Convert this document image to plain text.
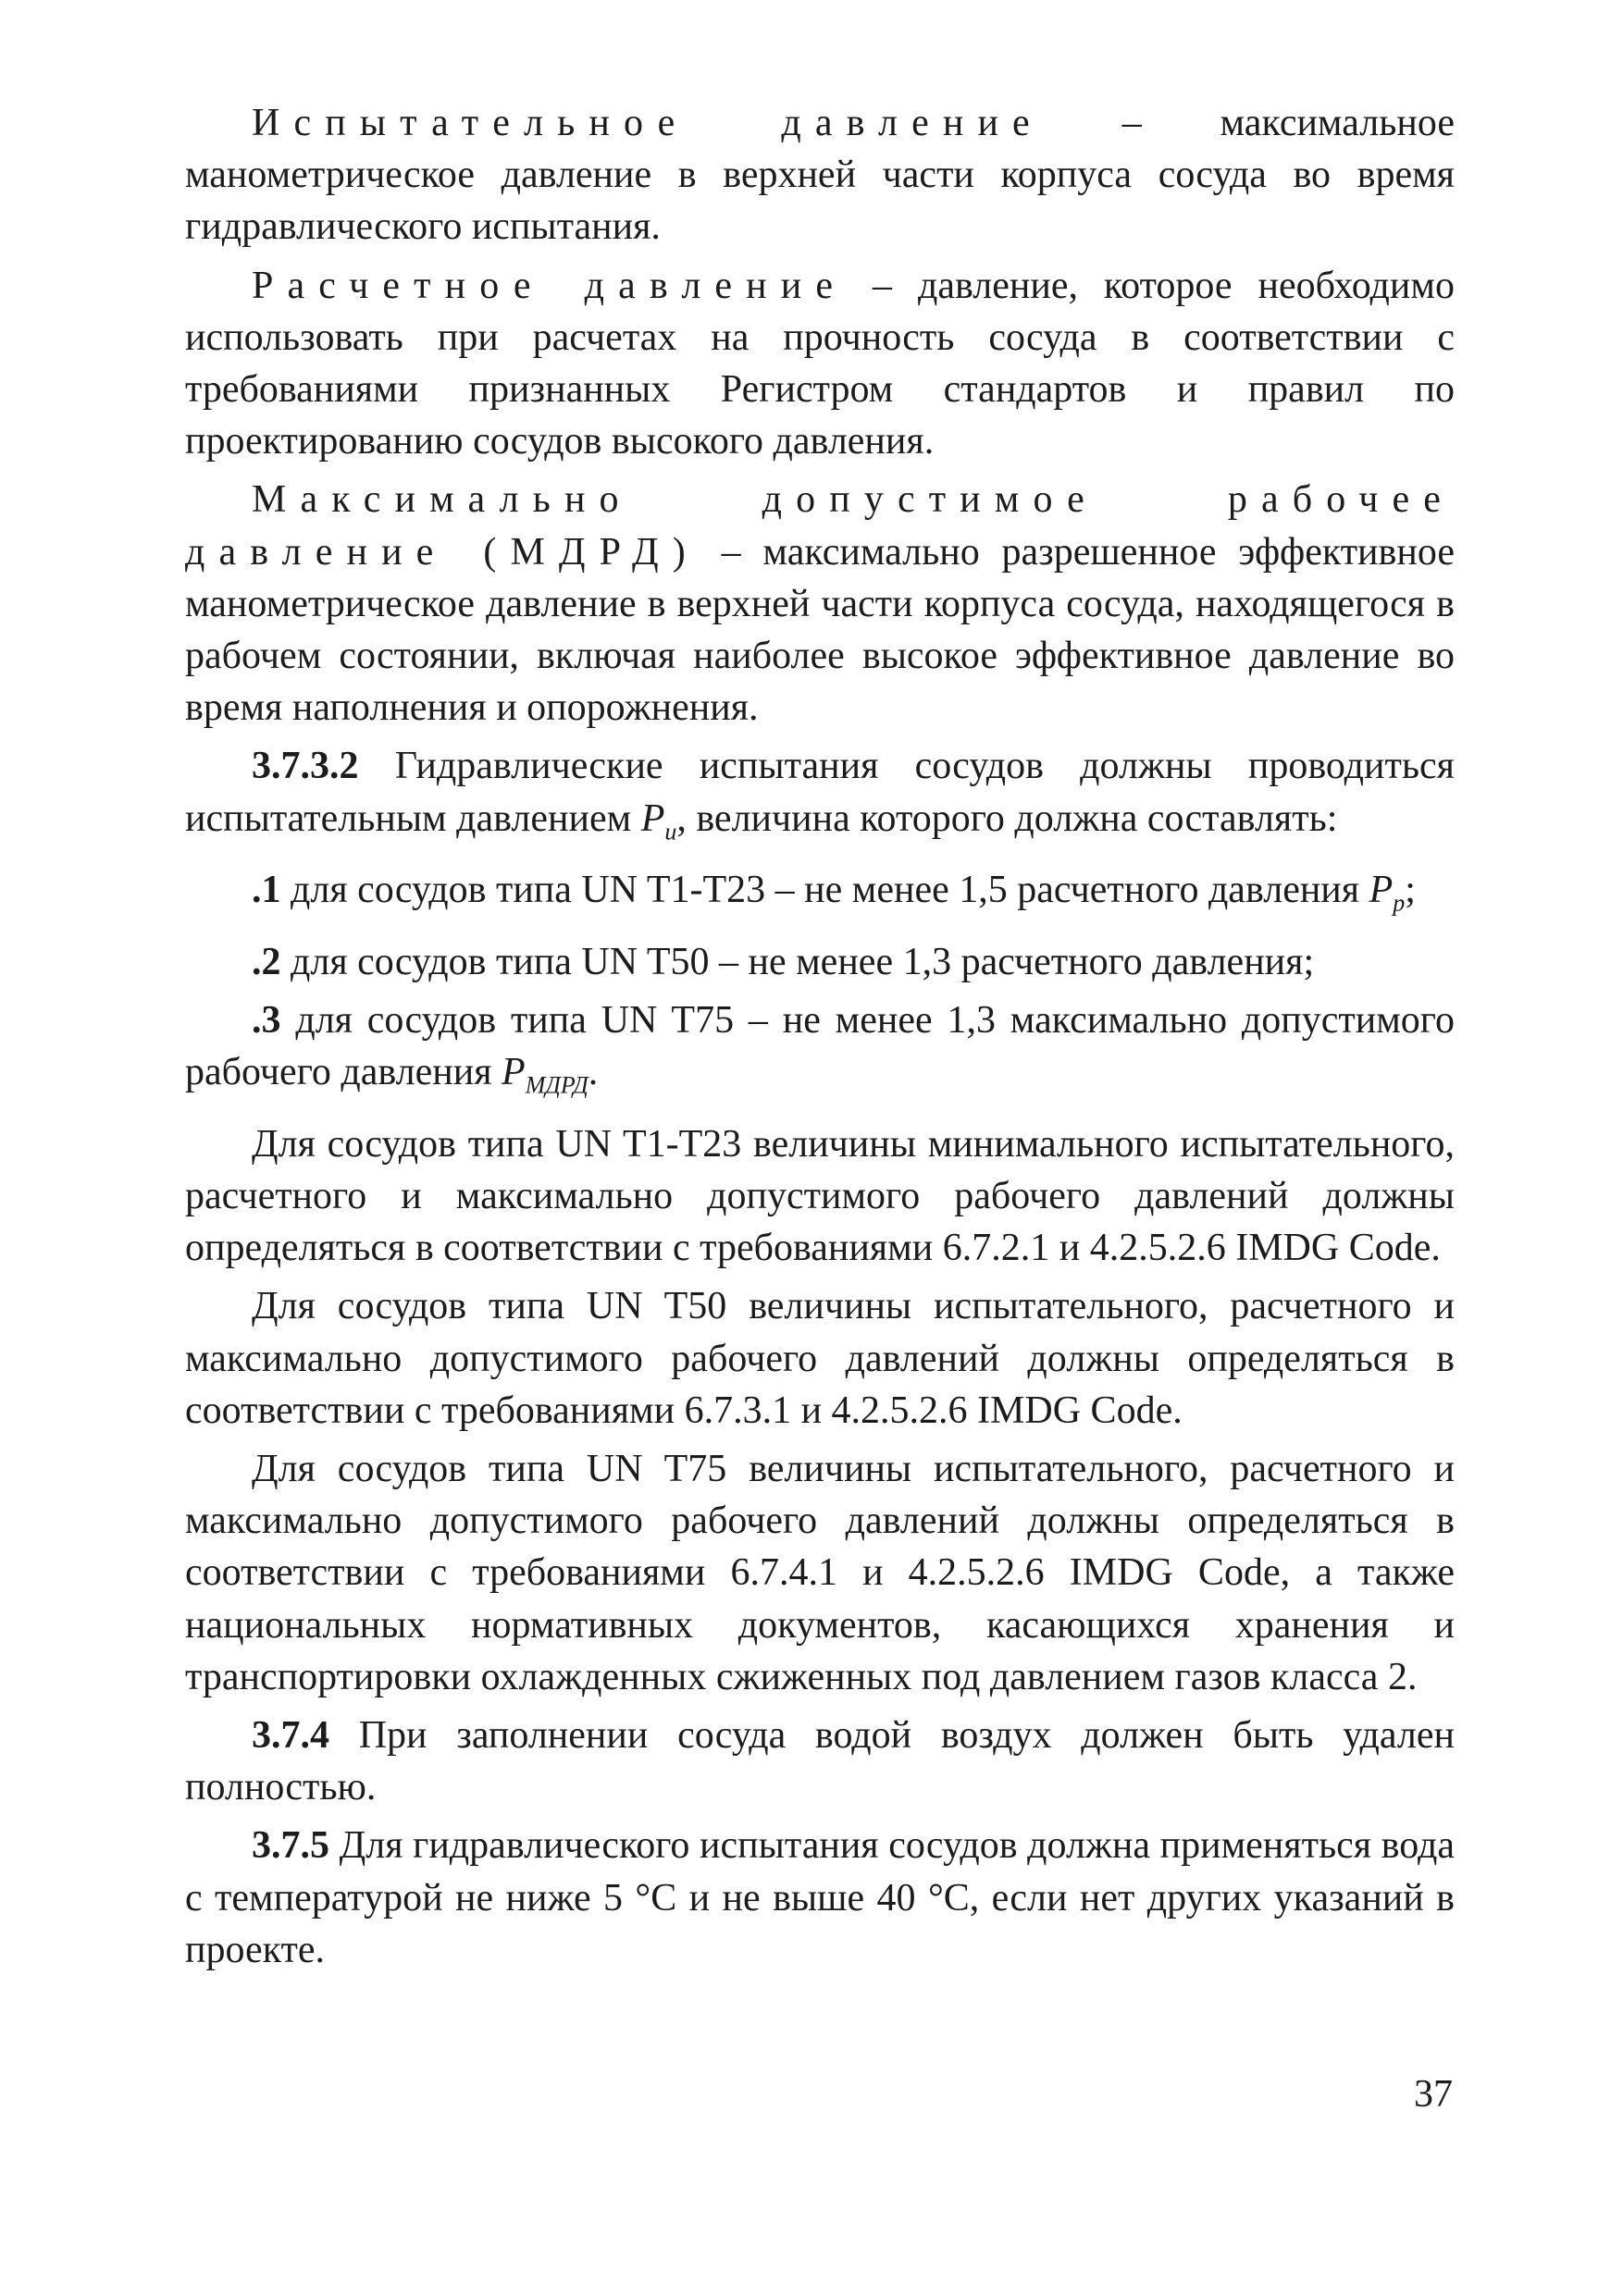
Испытательное давление – максимальное манометрическое давление в верхней части корпуса сосуда во время гидравлического испытания.

Расчетное давление – давление, которое необходимо использовать при расчетах на прочность сосуда в соответствии с требованиями признанных Регистром стандартов и правил по проектированию сосудов высокого давления.

Максимально допустимое рабочее давление (МДРД) – максимально разрешенное эффективное манометрическое давление в верхней части корпуса сосуда, находящегося в рабочем состоянии, включая наиболее высокое эффективное давление во время наполнения и опорожнения.

3.7.3.2 Гидравлические испытания сосудов должны проводиться испытательным давлением $P_и$, величина которого должна составлять:

.1 для сосудов типа UN T1-T23 – не менее 1,5 расчетного давления $P_p$;

.2 для сосудов типа UN T50 – не менее 1,3 расчетного давления;

.3 для сосудов типа UN T75 – не менее 1,3 максимально допустимого рабочего давления $P_{МДРД}$.

Для сосудов типа UN T1-T23 величины минимального испытательного, расчетного и максимально допустимого рабочего давлений должны определяться в соответствии с требованиями 6.7.2.1 и 4.2.5.2.6 IMDG Code.

Для сосудов типа UN T50 величины испытательного, расчетного и максимально допустимого рабочего давлений должны определяться в соответствии с требованиями 6.7.3.1 и 4.2.5.2.6 IMDG Code.

Для сосудов типа UN T75 величины испытательного, расчетного и максимально допустимого рабочего давлений должны определяться в соответствии с требованиями 6.7.4.1 и 4.2.5.2.6 IMDG Code, а также национальных нормативных документов, касающихся хранения и транспортировки охлажденных сжиженных под давлением газов класса 2.

3.7.4 При заполнении сосуда водой воздух должен быть удален полностью.

3.7.5 Для гидравлического испытания сосудов должна применяться вода с температурой не ниже 5 °С и не выше 40 °С, если нет других указаний в проекте.

37
